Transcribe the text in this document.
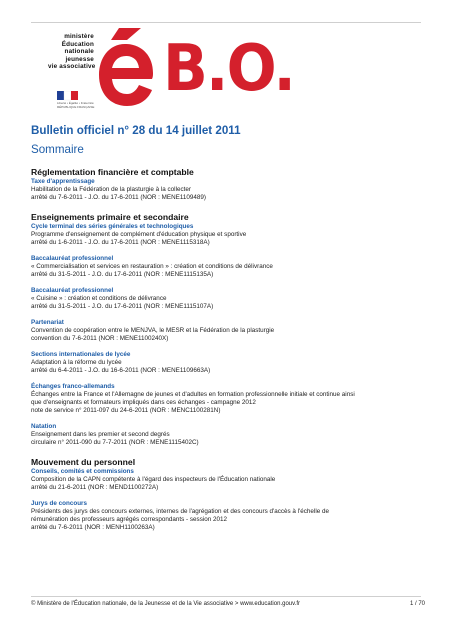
ministère
Éducation
nationale
jeunesse
vie associative B.O.
Liberté • Égalité • Fraternité RÉPUBLIQUE FRANÇAISE
Bulletin officiel n° 28 du 14 juillet 2011
Sommaire
Réglementation financière et comptable
Taxe d'apprentissage
Habilitation de la Fédération de la plasturgie à la collecter
arrêté du 7-6-2011 - J.O. du 17-6-2011 (NOR : MENE1109489)
Enseignements primaire et secondaire
Cycle terminal des séries générales et technologiques
Programme d'enseignement de complément d'éducation physique et sportive
arrêté du 1-6-2011 - J.O. du 17-6-2011 (NOR : MENE1115318A)
Baccalauréat professionnel
« Commercialisation et services en restauration » : création et conditions de délivrance
arrêté du 31-5-2011 - J.O. du 17-6-2011 (NOR : MENE1115135A)
Baccalauréat professionnel
« Cuisine » : création et conditions de délivrance
arrêté du 31-5-2011 - J.O. du 17-6-2011 (NOR : MENE1115107A)
Partenariat
Convention de coopération entre le MENJVA, le MESR et la Fédération de la plasturgie
convention du 7-6-2011 (NOR : MENE1100240X)
Sections internationales de lycée
Adaptation à la réforme du lycée
arrêté du 6-4-2011 - J.O. du 16-6-2011 (NOR : MENE1109663A)
Échanges franco-allemands
Échanges entre la France et l'Allemagne de jeunes et d'adultes en formation professionnelle initiale et continue ainsi
que d'enseignants et formateurs impliqués dans ces échanges - campagne 2012
note de service n° 2011-097 du 24-6-2011 (NOR : MENC1100281N)
Natation
Enseignement dans les premier et second degrés
circulaire n° 2011-090 du 7-7-2011 (NOR : MENE1115402C)
Mouvement du personnel
Conseils, comités et commissions
Composition de la CAPN compétente à l'égard des inspecteurs de l'Éducation nationale
arrêté du 21-6-2011 (NOR : MEND1100272A)
Jurys de concours
Présidents des jurys des concours externes, internes de l'agrégation et des concours d'accès à l'échelle de
rémunération des professeurs agrégés correspondants - session 2012
arrêté du 7-6-2011 (NOR : MENH1100263A)
© Ministère de l'Éducation nationale, de la Jeunesse et de la Vie associative > www.education.gouv.fr	1 / 70
